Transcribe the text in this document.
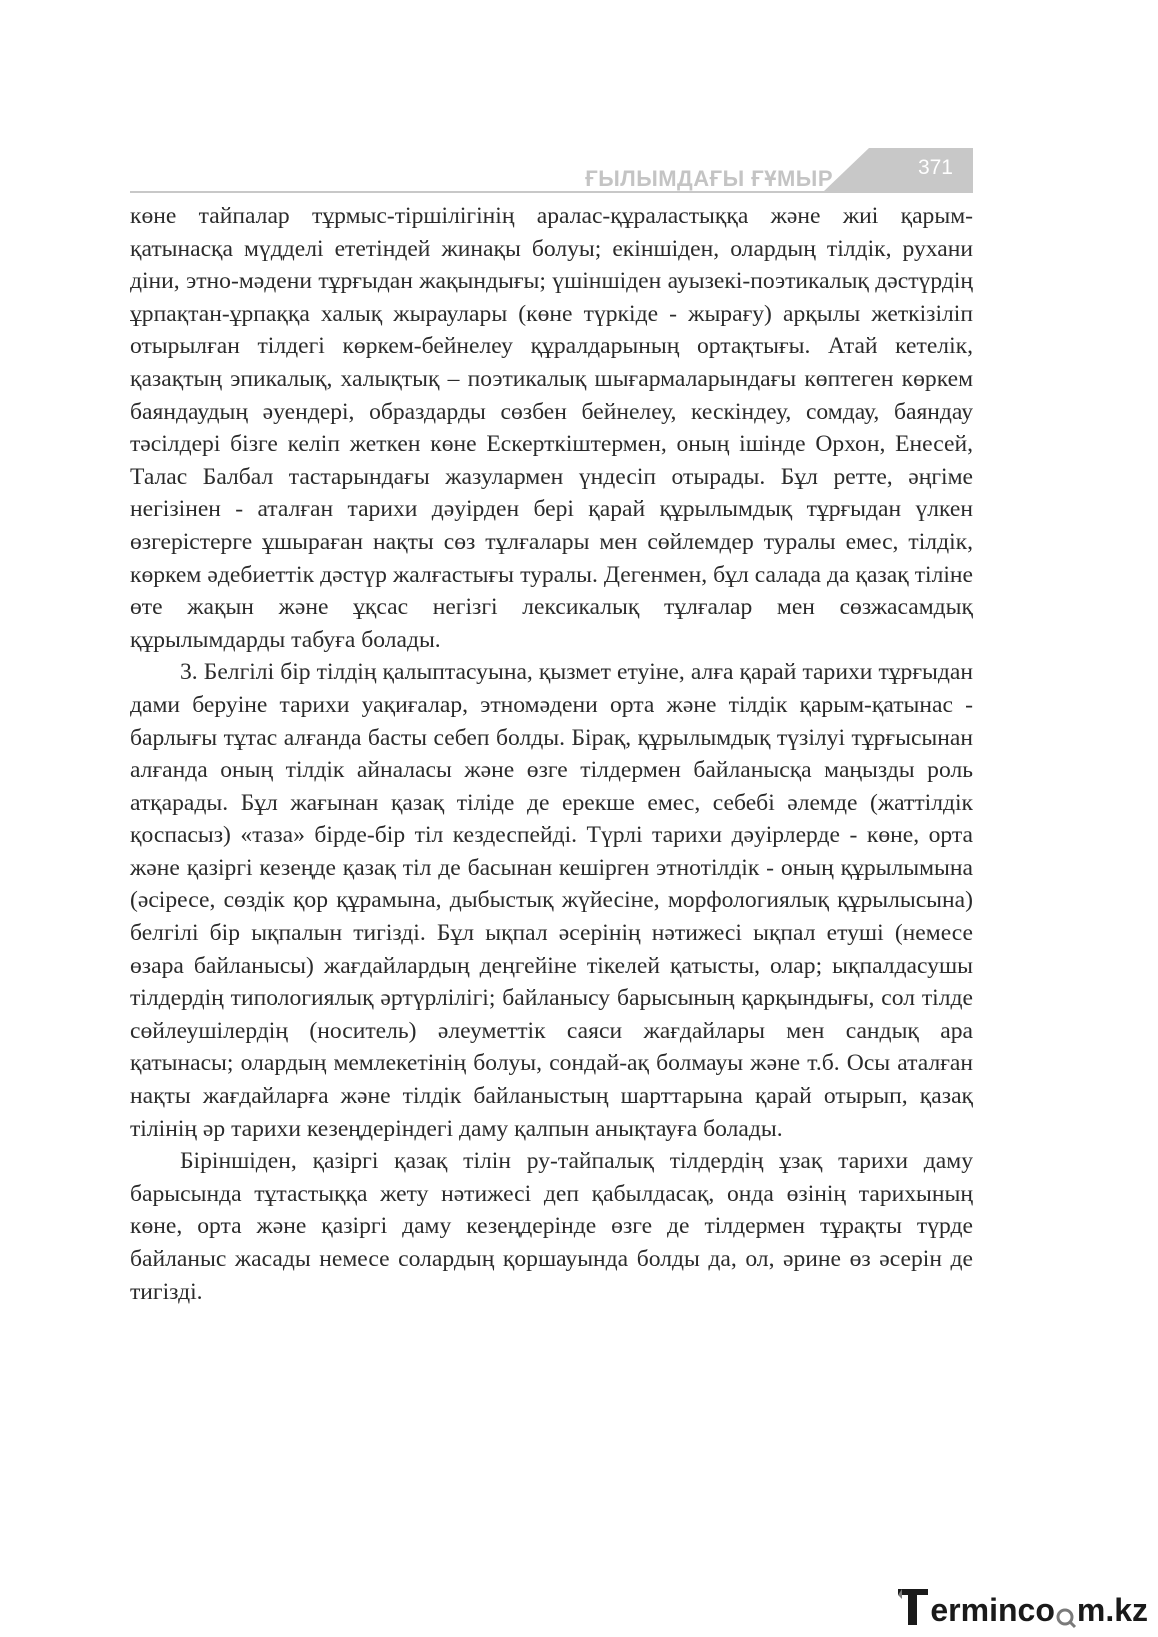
ҒЫЛЫМДАҒЫ ҒҰМЫР	371

көне тайпалар тұрмыс-тіршілігінің аралас-құраластыққа және жиі қарым-қатынасқа мүдделі ететіндей жинақы болуы; екіншіден, олардың тілдік, рухани діни, этно-мәдени тұрғыдан жақындығы; үшіншіден ауызекі-поэтикалық дәстүрдің ұрпақтан-ұрпаққа халық жыраулары (көне түркіде - жырағу) арқылы жеткізіліп отырылған тілдегі көркем-бейнелеу құралдарының ортақтығы. Атай кетелік, қазақтың эпикалық, халықтық – поэтикалық шығармаларындағы көптеген көркем баяндаудың әуендері, образдарды сөзбен бейнелеу, кескіндеу, сомдау, баяндау тәсілдері бізге келіп жеткен көне Ескерткіштермен, оның ішінде Орхон, Енесей, Талас Балбал тастарындағы жазулармен үндесіп отырады. Бұл ретте, әңгіме негізінен - аталған тарихи дәуірден бері қарай құрылымдық тұрғыдан үлкен өзгерістерге ұшыраған нақты сөз тұлғалары мен сөйлемдер туралы емес, тілдік, көркем әдебиеттік дәстүр жалғастығы туралы. Дегенмен, бұл салада да қазақ тіліне өте жақын және ұқсас негізгі лексикалық тұлғалар мен сөзжасамдық құрылымдарды табуға болады.

3. Белгілі бір тілдің қалыптасуына, қызмет етуіне, алға қарай тарихи тұрғыдан дами беруіне тарихи уақиғалар, этномәдени орта және тілдік қарым-қатынас - барлығы тұтас алғанда басты себеп болды. Бірақ, құрылымдық түзілуі тұрғысынан алғанда оның тілдік айналасы және өзге тілдермен байланысқа маңызды роль атқарады. Бұл жағынан қазақ тіліде де ерекше емес, себебі әлемде (жаттілдік қоспасыз) «таза» бірде-бір тіл кездеспейді. Түрлі тарихи дәуірлерде - көне, орта және қазіргі кезеңде қазақ тіл де басынан кешірген этнотілдік - оның құрылымына (әсіресе, сөздік қор құрамына, дыбыстық жүйесіне, морфологиялық құрылысына) белгілі бір ықпалын тигізді. Бұл ықпал әсерінің нәтижесі ықпал етуші (немесе өзара байланысы) жағдайлардың деңгейіне тікелей қатысты, олар; ықпалдасушы тілдердің типологиялық әртүрлілігі; байланысу барысының қарқындығы, сол тілде сөйлеушілердің (носитель) әлеуметтік саяси жағдайлары мен сандық ара қатынасы; олардың мемлекетінің болуы, сондай-ақ болмауы және т.б. Осы аталған нақты жағдайларға және тілдік байланыстың шарттарына қарай отырып, қазақ тілінің әр тарихи кезеңдеріндегі даму қалпын анықтауға болады.

Біріншіден, қазіргі қазақ тілін ру-тайпалық тілдердің ұзақ тарихи даму барысында тұтастыққа жету нәтижесі деп қабылдасақ, онда өзінің тарихының көне, орта және қазіргі даму кезеңдерінде өзге де тілдермен тұрақты түрде байланыс жасады немесе солардың қоршауында болды да, ол, әрине өз әсерін де тигізді.

ermincо m.kz
